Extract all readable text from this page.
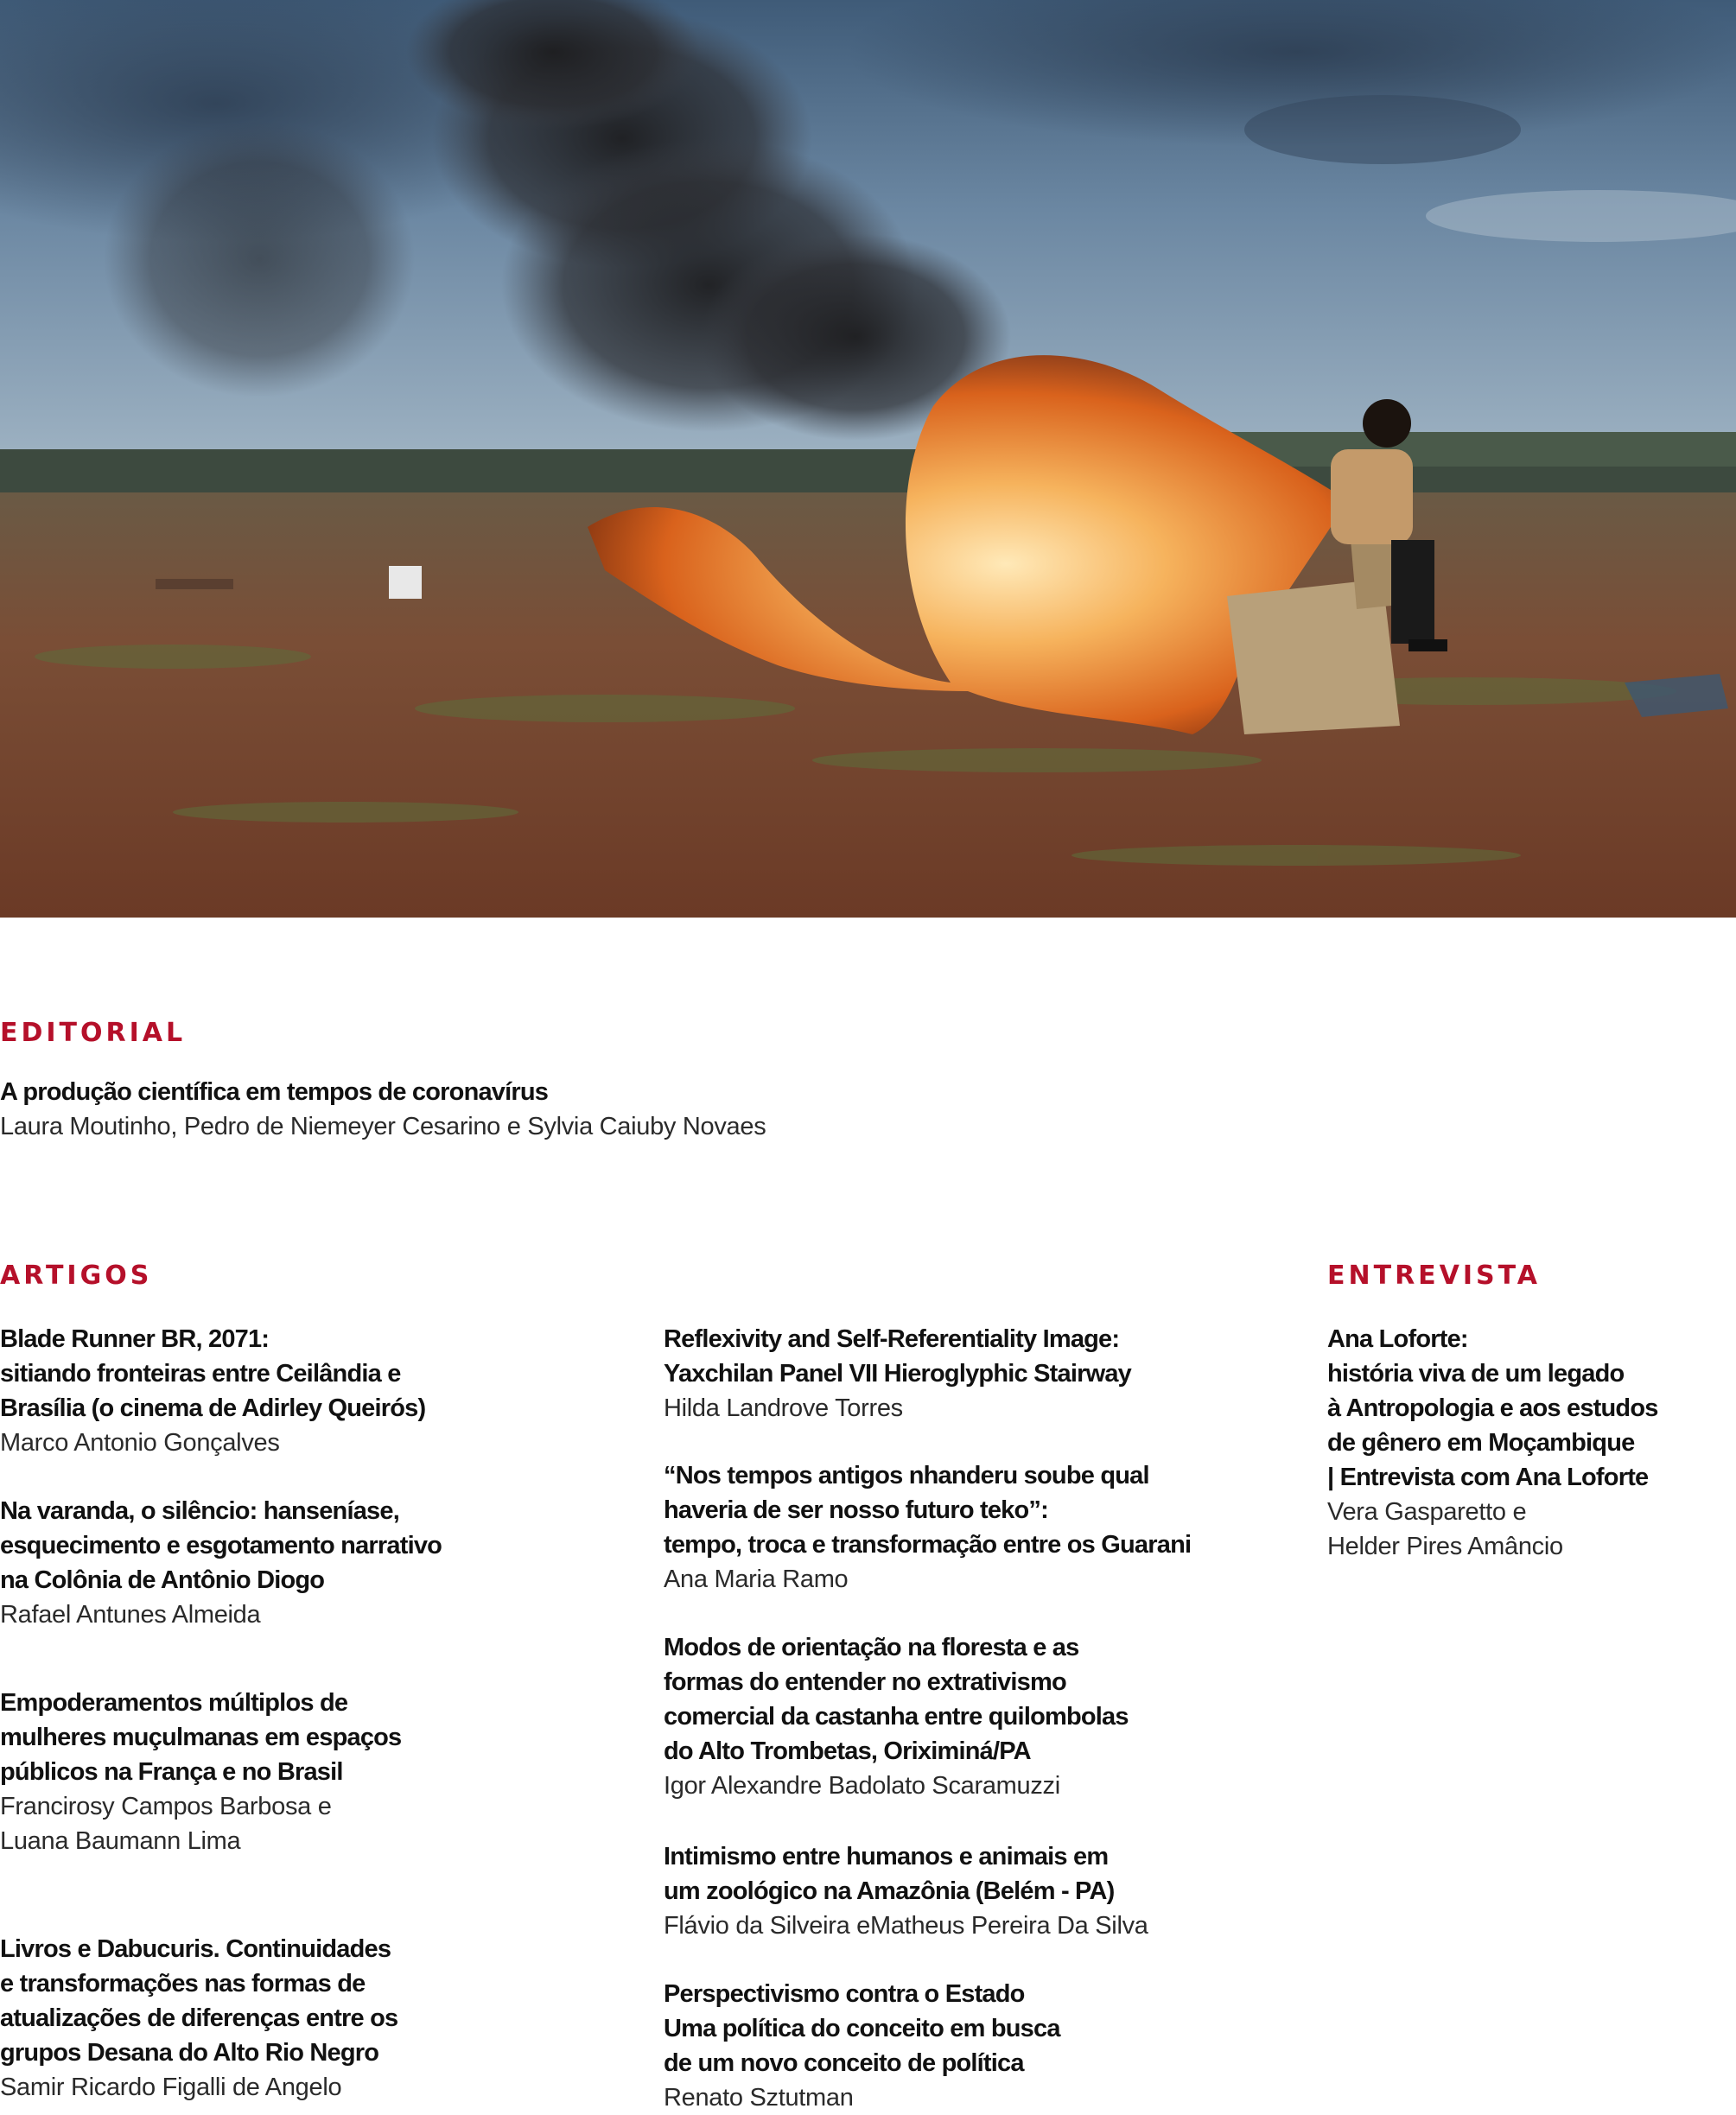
EDITORIAL
A produção científica em tempos de coronavírus
Laura Moutinho, Pedro de Niemeyer Cesarino e Sylvia Caiuby Novaes
ARTIGOS
Blade Runner BR, 2071:
sitiando fronteiras entre Ceilândia e
Brasília (o cinema de Adirley Queirós)
Marco Antonio Gonçalves
Na varanda, o silêncio: hanseníase,
esquecimento e esgotamento narrativo
na Colônia de Antônio Diogo
Rafael Antunes Almeida
Empoderamentos múltiplos de
mulheres muçulmanas em espaços
públicos na França e no Brasil
Francirosy Campos Barbosa e
Luana Baumann Lima
Livros e Dabucuris. Continuidades
e transformações nas formas de
atualizações de diferenças entre os
grupos Desana do Alto Rio Negro
Samir Ricardo Figalli de Angelo
Reflexivity and Self-Referentiality Image:
Yaxchilan Panel VII Hieroglyphic Stairway
Hilda Landrove Torres
“Nos tempos antigos nhanderu soube qual
haveria de ser nosso futuro teko”:
tempo, troca e transformação entre os Guarani
Ana Maria Ramo
Modos de orientação na floresta e as
formas do entender no extrativismo
comercial da castanha entre quilombolas
do Alto Trombetas, Oriximiná/PA
Igor Alexandre Badolato Scaramuzzi
Intimismo entre humanos e animais em
um zoológico na Amazônia (Belém - PA)
Flávio da Silveira eMatheus Pereira Da Silva
Perspectivismo contra o Estado
Uma política do conceito em busca
de um novo conceito de política
Renato Sztutman
ENTREVISTA
Ana Loforte:
história viva de um legado
à Antropologia e aos estudos
de gênero em Moçambique
| Entrevista com Ana Loforte
Vera Gasparetto e
Helder Pires Amâncio
